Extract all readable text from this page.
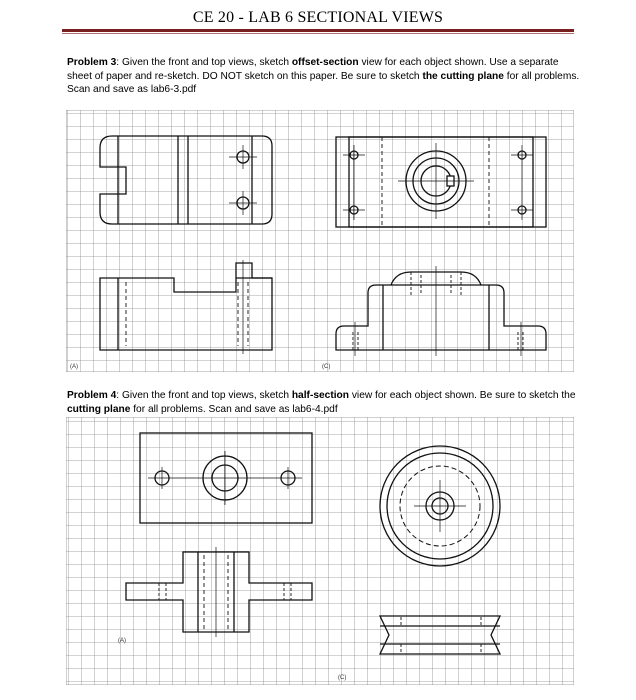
CE 20 - LAB 6 SECTIONAL VIEWS
Problem 3: Given the front and top views, sketch offset-section view for each object shown. Use a separate sheet of paper and re-sketch. DO NOT sketch on this paper. Be sure to sketch the cutting plane for all problems. Scan and save as lab6-3.pdf
(A)	(C)
Problem 4: Given the front and top views, sketch half-section view for each object shown. Be sure to sketch the cutting plane for all problems. Scan and save as lab6-4.pdf
(A)
(C)
